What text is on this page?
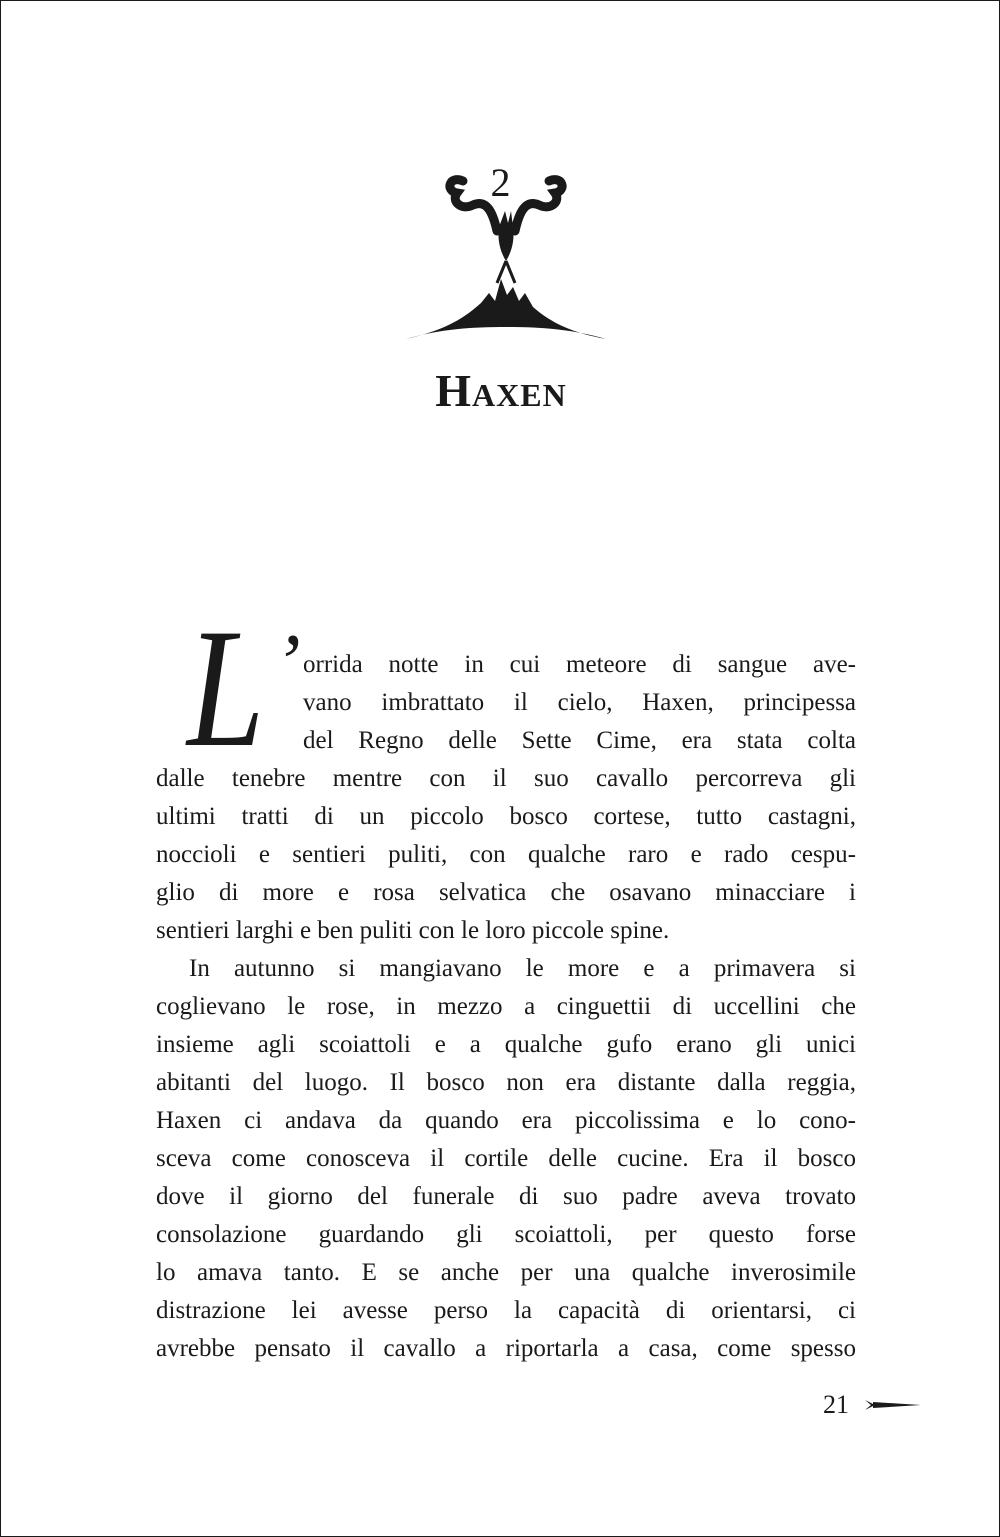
2
Haxen
L ’ orrida notte in cui meteore di sangue ave-
vano imbrattato il cielo, Haxen, principessa
del Regno delle Sette Cime, era stata colta
dalle tenebre mentre con il suo cavallo percorreva gli
ultimi tratti di un piccolo bosco cortese, tutto castagni,
noccioli e sentieri puliti, con qualche raro e rado cespu-
glio di more e rosa selvatica che osavano minacciare i
sentieri larghi e ben puliti con le loro piccole spine.
In autunno si mangiavano le more e a primavera si
coglievano le rose, in mezzo a cinguettii di uccellini che
insieme agli scoiattoli e a qualche gufo erano gli unici
abitanti del luogo. Il bosco non era distante dalla reggia,
Haxen ci andava da quando era piccolissima e lo cono-
sceva come conosceva il cortile delle cucine. Era il bosco
dove il giorno del funerale di suo padre aveva trovato
consolazione guardando gli scoiattoli, per questo forse
lo amava tanto. E se anche per una qualche inverosimile
distrazione lei avesse perso la capacità di orientarsi, ci
avrebbe pensato il cavallo a riportarla a casa, come spesso
21
